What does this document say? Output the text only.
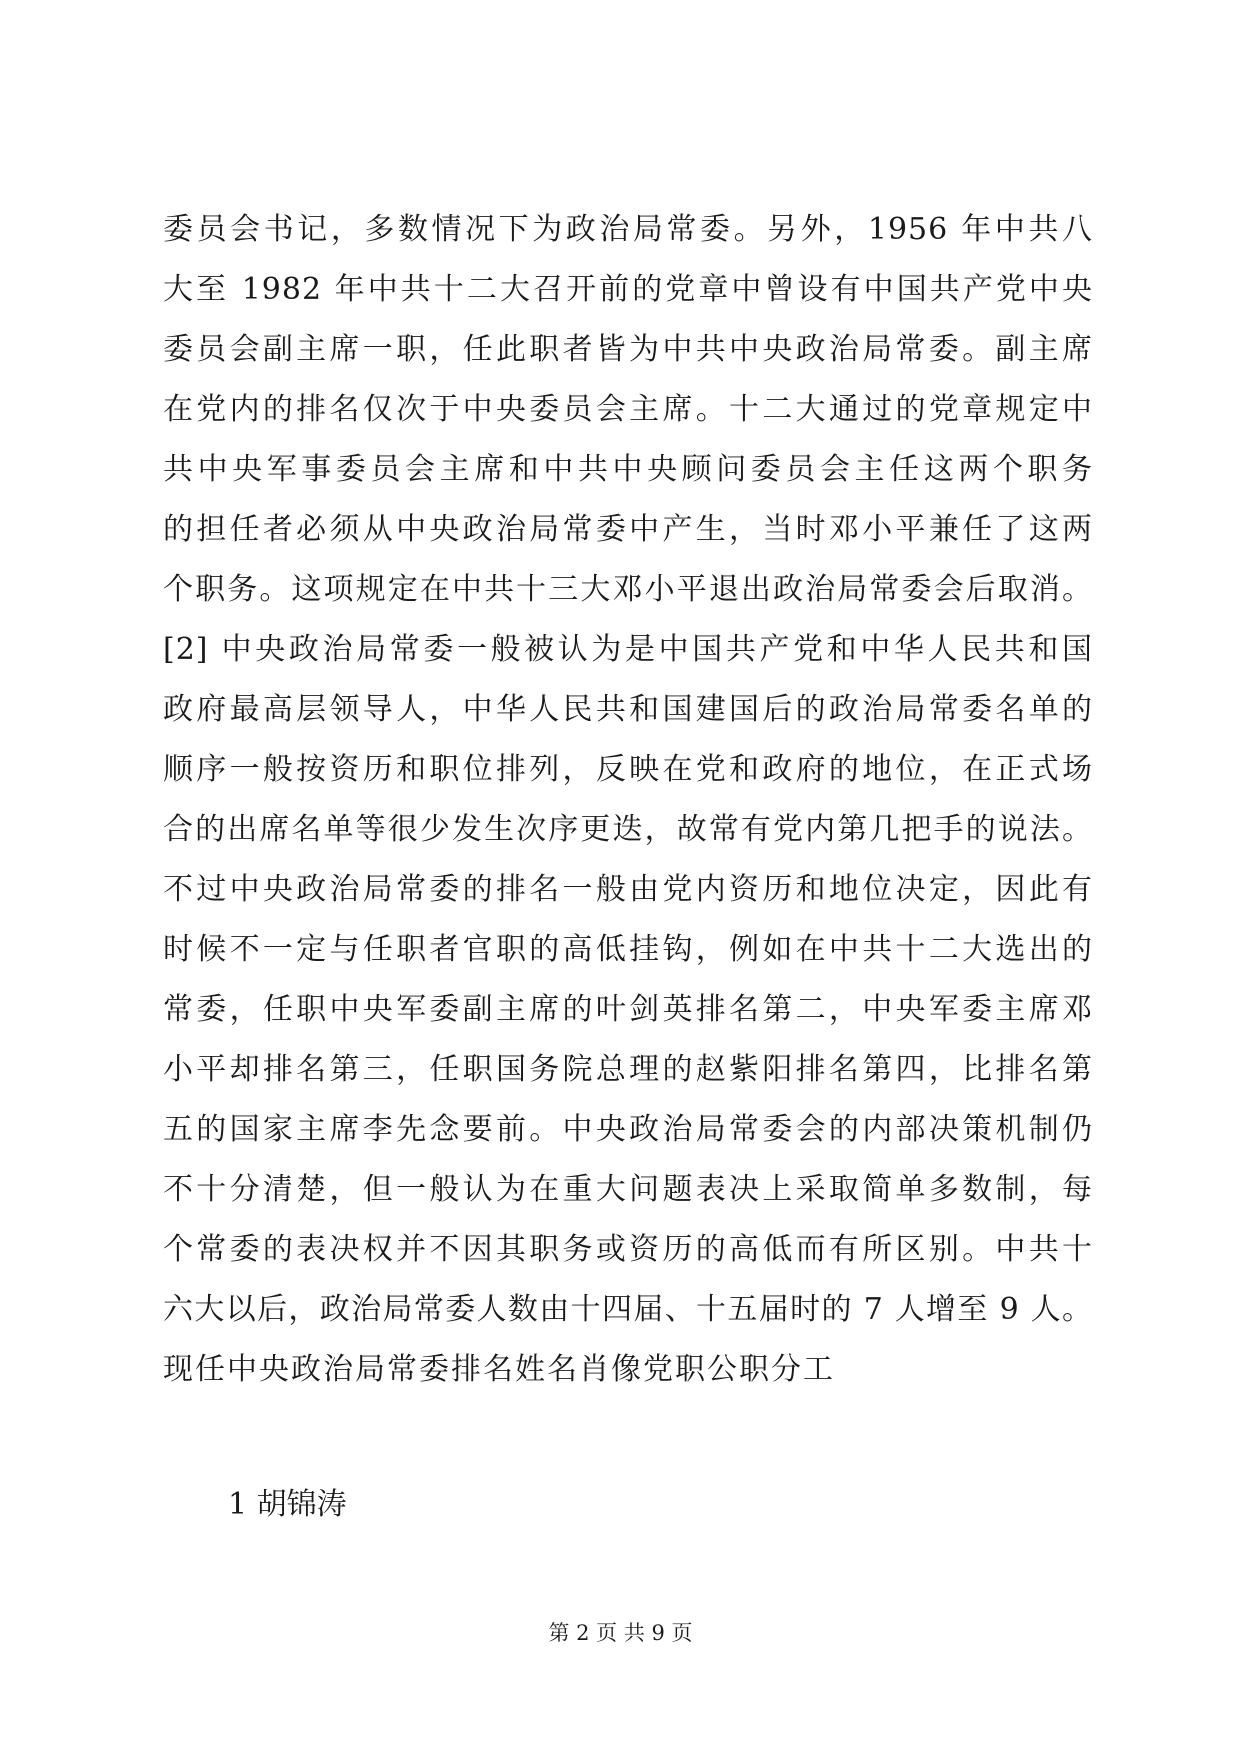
委员会书记，多数情况下为政治局常委。另外，1956 年中共八
大至 1982 年中共十二大召开前的党章中曾设有中国共产党中央
委员会副主席一职，任此职者皆为中共中央政治局常委。副主席
在党内的排名仅次于中央委员会主席。十二大通过的党章规定中
共中央军事委员会主席和中共中央顾问委员会主任这两个职务
的担任者必须从中央政治局常委中产生，当时邓小平兼任了这两
个职务。这项规定在中共十三大邓小平退出政治局常委会后取消。
[2] 中央政治局常委一般被认为是中国共产党和中华人民共和国
政府最高层领导人，中华人民共和国建国后的政治局常委名单的
顺序一般按资历和职位排列，反映在党和政府的地位，在正式场
合的出席名单等很少发生次序更迭，故常有党内第几把手的说法。
不过中央政治局常委的排名一般由党内资历和地位决定，因此有
时候不一定与任职者官职的高低挂钩，例如在中共十二大选出的
常委，任职中央军委副主席的叶剑英排名第二，中央军委主席邓
小平却排名第三，任职国务院总理的赵紫阳排名第四，比排名第
五的国家主席李先念要前。中央政治局常委会的内部决策机制仍
不十分清楚，但一般认为在重大问题表决上采取简单多数制，每
个常委的表决权并不因其职务或资历的高低而有所区别。中共十
六大以后，政治局常委人数由十四届、十五届时的 7 人增至 9 人。
现任中央政治局常委排名姓名肖像党职公职分工
1 胡锦涛
第 2 页 共 9 页
